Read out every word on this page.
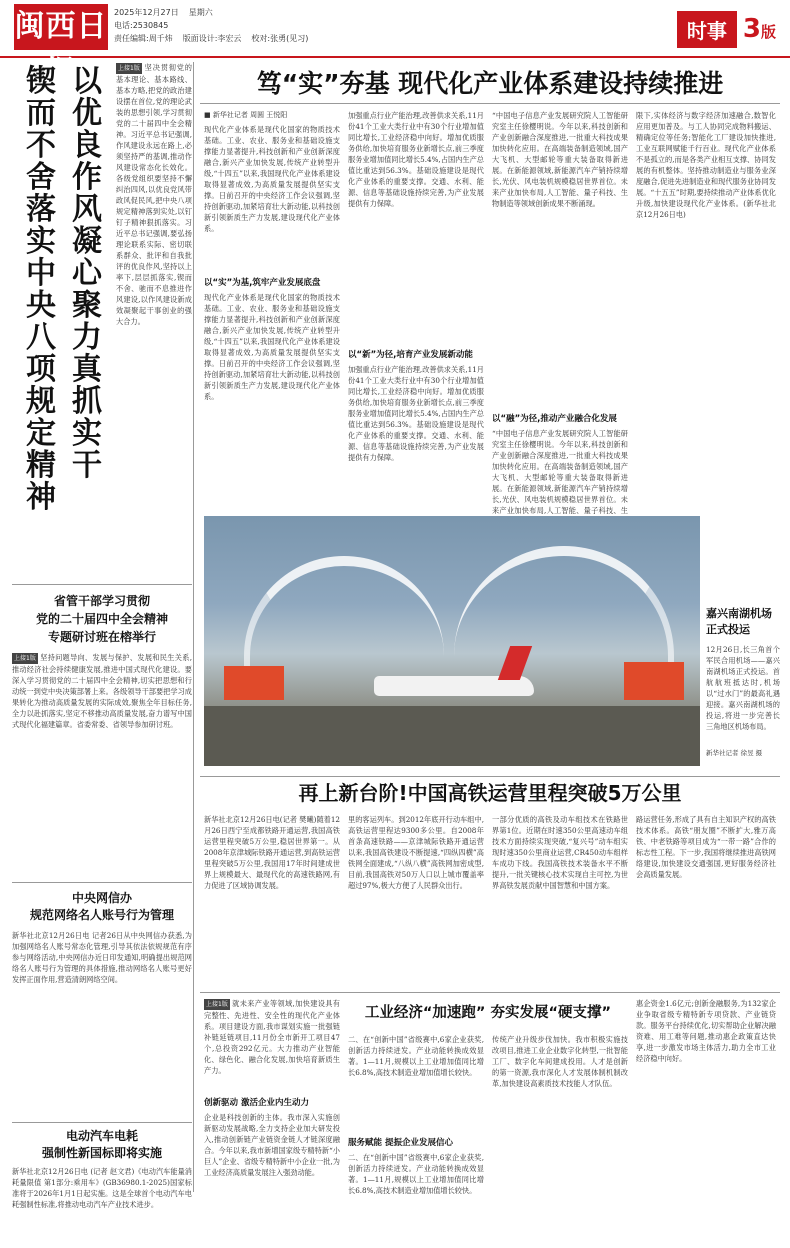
闽西日报
2025年12月27日 星期六
电话:2530845
责任编辑:周千炜 版面设计:李宏云 校对:张勇(见习)	时事 3版
以优良作风凝心聚力真抓实干
锲而不舍落实中央八项规定精神
上接1版 坚决贯彻党的基本理论、基本路线、基本方略,把党的政治建设摆在首位,党的理论武装的思想引领,学习贯彻党的二十届四中全会精神。习近平总书记强调,作风建设永远在路上,必须坚持严的基调,推动作风建设常态化长效化。各级党组织要坚持不懈纠治四风,以优良党风带政风促民风,把中央八项规定精神落到实处,以钉钉子精神狠抓落实。习近平总书记强调,要弘扬理论联系实际、密切联系群众、批评和自我批评的优良作风,坚持以上率下,层层抓落实,锲而不舍、驰而不息推进作风建设,以作风建设新成效凝聚起干事创业的强大合力。
省管干部学习贯彻
党的二十届四中全会精神
专题研讨班在榕举行
上接1版 坚持问题导向、发展与保护、发展和民生关系,推动经济社会持续健康发展,推进中国式现代化建设。要深入学习贯彻党的二十届四中全会精神,切实把思想和行动统一到党中央决策部署上来。各级领导干部要把学习成果转化为推动高质量发展的实际成效,聚焦全年目标任务,全力以赴抓落实,坚定不移推动高质量发展,奋力谱写中国式现代化福建篇章。省委常委、省领导参加研讨班。
中央网信办
规范网络名人账号行为管理
新华社北京12月26日电 记者26日从中央网信办获悉,为加强网络名人账号常态化管理,引导其依法依规规范有序参与网络活动,中央网信办近日印发通知,明确提出规范网络名人账号行为管理的具体措施,推动网络名人账号更好发挥正面作用,营造清朗网络空间。
电动汽车电耗
强制性新国标即将实施
新华社北京12月26日电 (记者 赵文君)《电动汽车能量消耗量限值 第1部分:乘用车》(GB36980.1-2025)国家标准将于2026年1月1日起实施。这是全球首个电动汽车电耗强制性标准,将推动电动汽车产业技术进步。
笃“实”夯基 现代化产业体系建设持续推进
■ 新华社记者 周圆 王悦阳
现代化产业体系是现代化国家的物质技术基础。工业、农业、服务业和基础设施支撑能力显著提升,科技创新和产业创新深度融合,新兴产业加快发展,传统产业转型升级,“十四五”以来,我国现代化产业体系建设取得显著成效,为高质量发展提供坚实支撑。日前召开的中央经济工作会议强调,坚持创新驱动,加紧培育壮大新动能,以科技创新引领新质生产力发展,建设现代化产业体系。
以“实”为基,筑牢产业发展底盘
现代化产业体系是现代化国家的物质技术基础。工业、农业、服务业和基础设施支撑能力显著提升,科技创新和产业创新深度融合,新兴产业加快发展,传统产业转型升级,“十四五”以来,我国现代化产业体系建设取得显著成效,为高质量发展提供坚实支撑。日前召开的中央经济工作会议强调,坚持创新驱动,加紧培育壮大新动能,以科技创新引领新质生产力发展,建设现代化产业体系。
加强重点行业产能治理,改善供求关系,11月份41个工业大类行业中有30个行业增加值同比增长,工业经济稳中向好。增加优质服务供给,加快培育服务业新增长点,前三季度服务业增加值同比增长5.4%,占国内生产总值比重达到56.3%。基础设施建设是现代化产业体系的重要支撑。交通、水利、能源、信息等基础设施持续完善,为产业发展提供有力保障。
以“新”为径,培育产业发展新动能
加强重点行业产能治理,改善供求关系,11月份41个工业大类行业中有30个行业增加值同比增长,工业经济稳中向好。增加优质服务供给,加快培育服务业新增长点,前三季度服务业增加值同比增长5.4%,占国内生产总值比重达到56.3%。基础设施建设是现代化产业体系的重要支撑。交通、水利、能源、信息等基础设施持续完善,为产业发展提供有力保障。
“中国电子信息产业发展研究院人工智能研究室主任徐樱明说。今年以来,科技创新和产业创新融合深度推进,一批重大科技成果加快转化应用。在高端装备制造领域,国产大飞机、大型邮轮等重大装备取得新进展。在新能源领域,新能源汽车产销持续增长,光伏、风电装机规模稳居世界首位。未来产业加快布局,人工智能、量子科技、生物制造等领域创新成果不断涌现。
以“融”为径,推动产业融合化发展
“中国电子信息产业发展研究院人工智能研究室主任徐樱明说。今年以来,科技创新和产业创新融合深度推进,一批重大科技成果加快转化应用。在高端装备制造领域,国产大飞机、大型邮轮等重大装备取得新进展。在新能源领域,新能源汽车产销持续增长,光伏、风电装机规模稳居世界首位。未来产业加快布局,人工智能、量子科技、生
限下,实体经济与数字经济加速融合,数智化应用更加普及。与工人协同完成物料搬运、精确定位等任务;智能化工厂建设加快推进,工业互联网赋能千行百业。现代化产业体系不是孤立的,而是各类产业相互支撑、协同发展的有机整体。坚持推动制造业与服务业深度融合,促进先进制造业和现代服务业协同发展。“十五五”时期,要持续推动产业体系优化升级,加快建设现代化产业体系。(新华社北京12月26日电)
嘉兴南湖机场
正式投运
12月26日,长三角首个军民合用机场——嘉兴南湖机场正式投运。首航航班抵达时,机场以“过水门”的最高礼遇迎接。嘉兴南湖机场的投运,将进一步完善长三角地区机场布局。
新华社记者 徐昱 摄
再上新台阶!中国高铁运营里程突破5万公里
新华社北京12月26日电(记者 樊曦)随着12月26日西宁至成都铁路开通运营,我国高铁运营里程突破5万公里,稳居世界第一。从2008年京津城际铁路开通运营,到高铁运营里程突破5万公里,我国用17年时间建成世界上规模最大、最现代化的高速铁路网,有力促进了区域协调发展。
里的客运列车。到2012年底开行动车组中,高铁运营里程达9300多公里。自2008年首条高速铁路——京津城际铁路开通运营以来,我国高铁建设不断提速,“四纵四横”高铁网全面建成,“八纵八横”高铁网加密成型,目前,我国高铁对50万人口以上城市覆盖率超过97%,极大方便了人民群众出行。
一部分优质的高铁及动车组技术在铁路世界第1位。近期在时速350公里高速动车组技术方面持续实现突破,“复兴号”动车组实现时速350公里商业运营,CR450动车组样车成功下线。我国高铁技术装备水平不断提升,一批关键核心技术实现自主可控,为世界高铁发展贡献中国智慧和中国方案。
路运营任务,形成了具有自主知识产权的高铁技术体系。高铁“朋友圈”不断扩大,雅万高铁、中老铁路等项目成为“一带一路”合作的标志性工程。下一步,我国将继续推进高铁网络建设,加快建设交通强国,更好服务经济社会高质量发展。
上接1版 就未来产业等领域,加快建设具有完整性、先进性、安全性的现代化产业体系。项目建设方面,我市谋划实施一批强链补链延链项目,11月份全市新开工项目47个,总投资292亿元。大力推动产业智能化、绿色化、融合化发展,加快培育新质生产力。
创新驱动 激活企业内生动力
企业是科技创新的主体。我市深入实施创新驱动发展战略,全力支持企业加大研发投入,推动创新链产业链资金链人才链深度融合。今年以来,我市新增国家级专精特新“小巨人”企业、省级专精特新中小企业一批,为工业经济高质量发展注入强劲动能。
工业经济“加速跑” 夯实发展“硬支撑”
二、在“创新中国”省级赛中,6家企业获奖,创新活力持续迸发。产业动能转换成效显著。1—11月,规模以上工业增加值同比增长6.8%,高技术制造业增加值增长较快。
服务赋能 提振企业发展信心
二、在“创新中国”省级赛中,6家企业获奖,创新活力持续迸发。产业动能转换成效显著。1—11月,规模以上工业增加值同比增长6.8%,高技术制造业增加值增长较快。
传统产业升级步伐加快。我市积极实施技改项目,推进工业企业数字化转型,一批智能工厂、数字化车间建成投用。人才是创新的第一资源,我市深化人才发展体制机制改革,加快建设高素质技术技能人才队伍。
惠企资金1.6亿元;创新金融服务,为132家企业争取省级专精特新专项贷款、产业链贷款。服务平台持续优化,切实帮助企业解决融资难、用工难等问题,推动惠企政策直达快享,进一步激发市场主体活力,助力全市工业经济稳中向好。
